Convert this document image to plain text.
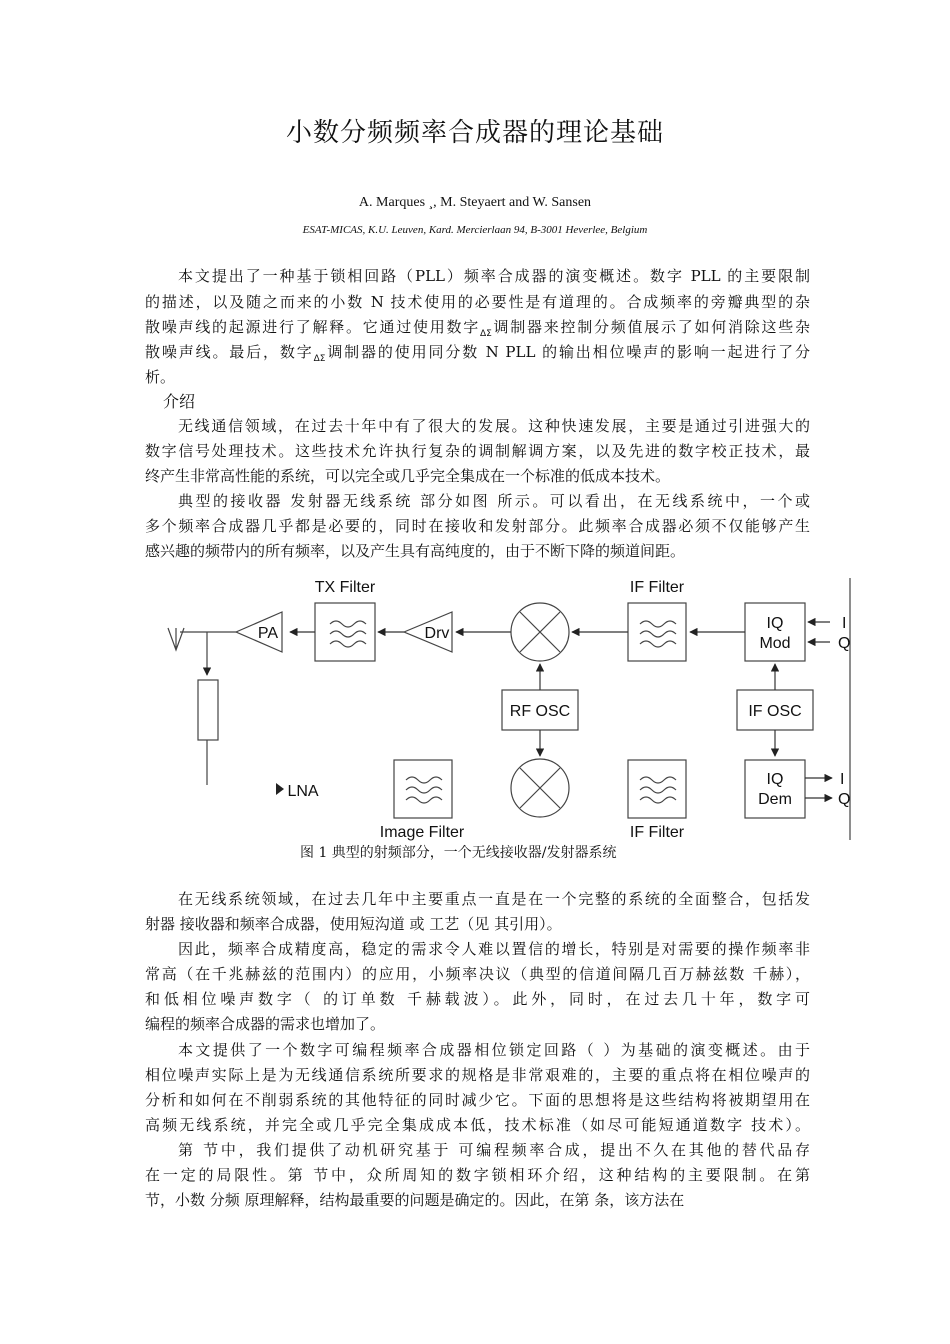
小数分频频率合成器的理论基础
A. Marques ¸, M. Steyaert and W. Sansen
ESAT-MICAS, K.U. Leuven, Kard. Mercierlaan 94, B-3001 Heverlee, Belgium
本文提出了一种基于锁相回路（PLL）频率合成器的演变概述。数字 PLL 的主要限制
的描述，以及随之而来的小数 N 技术使用的必要性是有道理的。合成频率的旁瓣典型的杂
散噪声线的起源进行了解释。它通过使用数字$_{\Delta\Sigma}$调制器来控制分频值展示了如何消除这些杂
散噪声线。最后，数字$_{\Delta\Sigma}$调制器的使用同分数 N PLL 的输出相位噪声的影响一起进行了分
析。
介绍
无线通信领域，在过去十年中有了很大的发展。这种快速发展，主要是通过引进强大的
数字信号处理技术。这些技术允许执行复杂的调制解调方案，以及先进的数字校正技术，最
终产生非常高性能的系统，可以完全或几乎完全集成在一个标准的低成本技术。
典型的接收器 发射器无线系统 部分如图 所示。可以看出，在无线系统中，一个或
多个频率合成器几乎都是必要的，同时在接收和发射部分。此频率合成器必须不仅能够产生
感兴趣的频带内的所有频率，以及产生具有高纯度的，由于不断下降的频道间距。
TX Filter	IF Filter
PA	Drv
IQ
Mod
RF OSC	IF OSC
LNA
IQ
Dem
Image Filter	IF Filter
I
Q
I
Q
图 1 典型的射频部分，一个无线接收器/发射器系统
在无线系统领域，在过去几年中主要重点一直是在一个完整的系统的全面整合，包括发
射器 接收器和频率合成器，使用短沟道 或 工艺（见 其引用）。
因此，频率合成精度高，稳定的需求令人难以置信的增长，特别是对需要的操作频率非
常高（在千兆赫兹的范围内）的应用，小频率决议（典型的信道间隔几百万赫兹数 千赫），
和低相位噪声数字（ 的订单数 千赫载波）。此外，同时，在过去几十年，数字可
编程的频率合成器的需求也增加了。
本文提供了一个数字可编程频率合成器相位锁定回路（ ）为基础的演变概述。由于
相位噪声实际上是为无线通信系统所要求的规格是非常艰难的，主要的重点将在相位噪声的
分析和如何在不削弱系统的其他特征的同时减少它。下面的思想将是这些结构将被期望用在
高频无线系统，并完全或几乎完全集成成本低，技术标准（如尽可能短通道数字 技术）。
第 节中，我们提供了动机研究基于 可编程频率合成，提出不久在其他的替代品存
在一定的局限性。第 节中，众所周知的数字锁相环介绍，这种结构的主要限制。在第
节，小数 分频 原理解释，结构最重要的问题是确定的。因此，在第 条，该方法在
